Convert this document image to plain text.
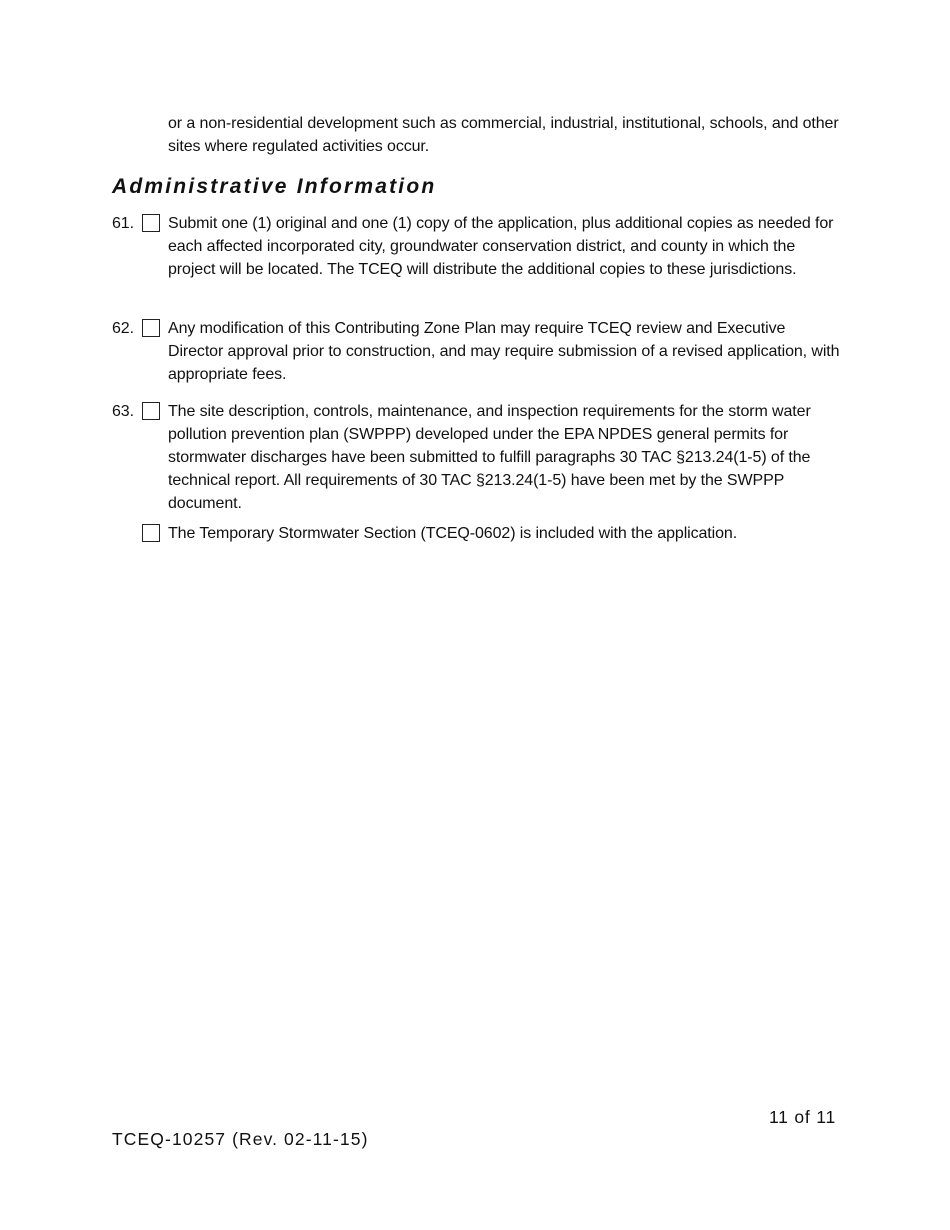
or a non-residential development such as commercial, industrial, institutional, schools, and other sites where regulated activities occur.
Administrative Information
61. Submit one (1) original and one (1) copy of the application, plus additional copies as needed for each affected incorporated city, groundwater conservation district, and county in which the project will be located. The TCEQ will distribute the additional copies to these jurisdictions.
62. Any modification of this Contributing Zone Plan may require TCEQ review and Executive Director approval prior to construction, and may require submission of a revised application, with appropriate fees.
63. The site description, controls, maintenance, and inspection requirements for the storm water pollution prevention plan (SWPPP) developed under the EPA NPDES general permits for stormwater discharges have been submitted to fulfill paragraphs 30 TAC §213.24(1-5) of the technical report. All requirements of 30 TAC §213.24(1-5) have been met by the SWPPP document.
The Temporary Stormwater Section (TCEQ-0602) is included with the application.
11 of 11
TCEQ-10257 (Rev. 02-11-15)
